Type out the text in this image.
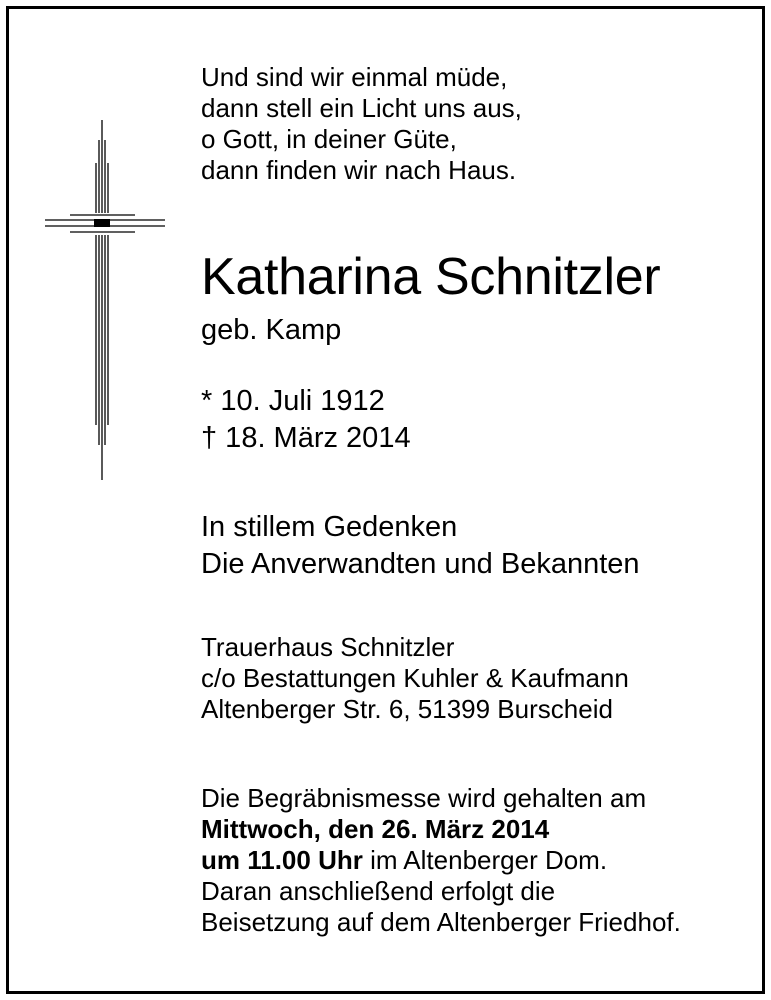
Und sind wir einmal müde,
dann stell ein Licht uns aus,
o Gott, in deiner Güte,
dann finden wir nach Haus.
Katharina Schnitzler
geb. Kamp
* 10. Juli 1912
† 18. März 2014
In stillem Gedenken
Die Anverwandten und Bekannten
Trauerhaus Schnitzler
c/o Bestattungen Kuhler & Kaufmann
Altenberger Str. 6, 51399 Burscheid
Die Begräbnismesse wird gehalten am
Mittwoch, den 26. März 2014
um 11.00 Uhr im Altenberger Dom.
Daran anschließend erfolgt die
Beisetzung auf dem Altenberger Friedhof.
